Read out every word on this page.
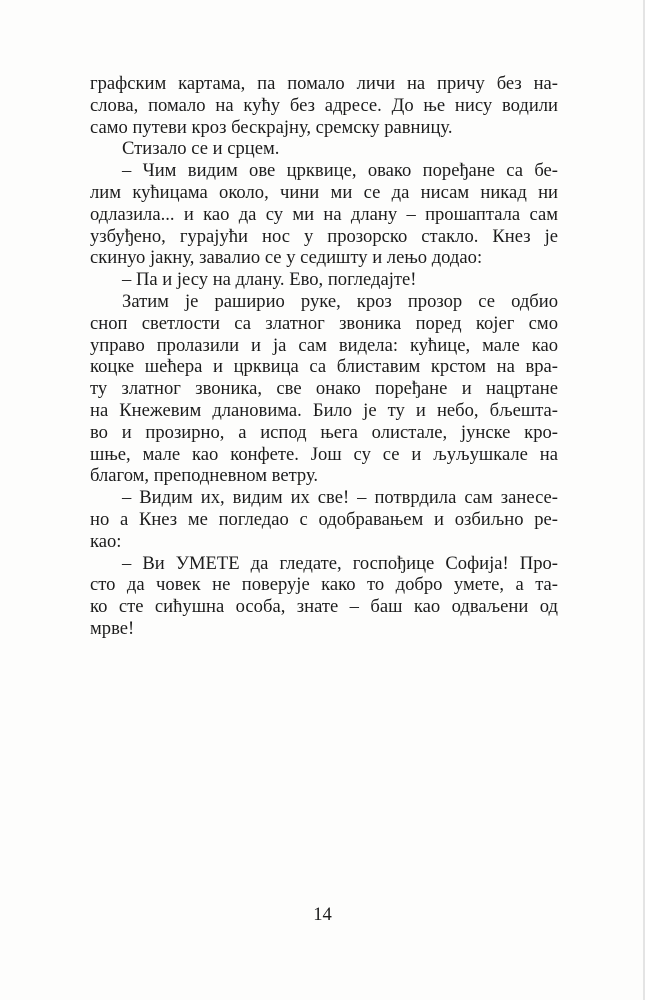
графским картама, па помало личи на причу без на-
слова, помало на кућу без адресе. До ње нису водили
само путеви кроз бескрајну, сремску равницу.
Стизало се и срцем.
– Чим видим ове црквице, овако поређане са бе-
лим кућицама около, чини ми се да нисам никад ни
одлазила... и као да су ми на длану – прошаптала сам
узбуђено, гурајући нос у прозорско стакло. Кнез је
скинуо јакну, завалио се у седишту и лењо додао:
– Па и јесу на длану. Ево, погледајте!
Затим је раширио руке, кроз прозор се одбио
сноп светлости са златног звоника поред којег смо
управо пролазили и ја сам видела: кућице, мале као
коцке шећера и црквица са блиставим крстом на вра-
ту златног звоника, све онако поређане и нацртане
на Кнежевим длановима. Било је ту и небо, бљешта-
во и прозирно, а испод њега олистале, јунске кро-
шње, мале као конфете. Још су се и љуљушкале на
благом, преподневном ветру.
– Видим их, видим их све! – потврдила сам занесе-
но а Кнез ме погледао с одобравањем и озбиљно ре-
као:
– Ви УМЕТЕ да гледате, госпођице Софија! Про-
сто да човек не поверује како то добро умете, а та-
ко сте сићушна особа, знате – баш као одваљени од
мрве!
14
